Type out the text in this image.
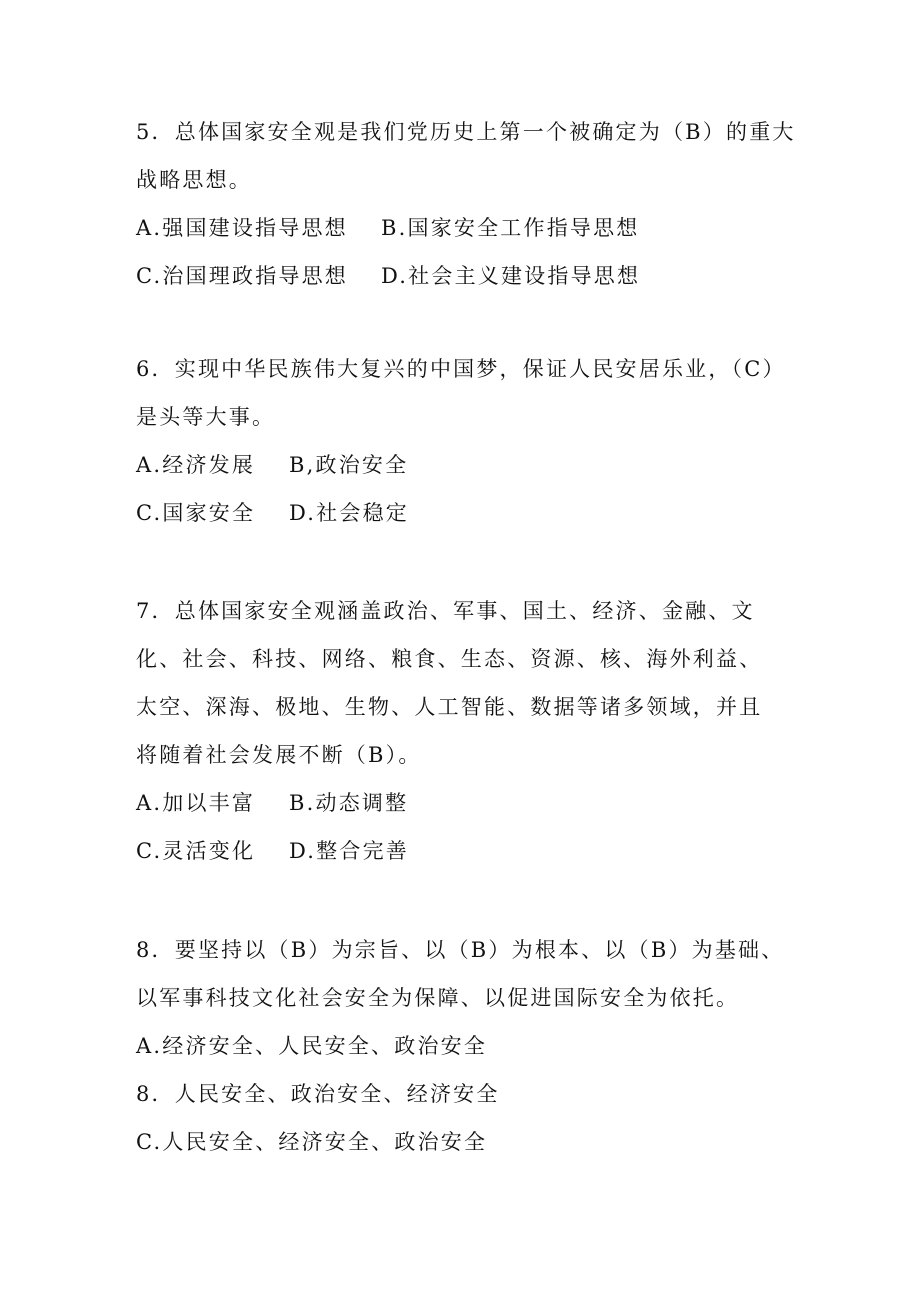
5．总体国家安全观是我们党历史上第一个被确定为（B）的重大
战略思想。
A.强国建设指导思想 B.国家安全工作指导思想
C.治国理政指导思想 D.社会主义建设指导思想
6．实现中华民族伟大复兴的中国梦，保证人民安居乐业，（C）
是头等大事。
A.经济发展 B,政治安全
C.国家安全 D.社会稳定
7．总体国家安全观涵盖政治、军事、国土、经济、金融、文
化、社会、科技、网络、粮食、生态、资源、核、海外利益、
太空、深海、极地、生物、人工智能、数据等诸多领域，并且
将随着社会发展不断（B）。
A.加以丰富 B.动态调整
C.灵活变化 D.整合完善
8．要坚持以（B）为宗旨、以（B）为根本、以（B）为基础、
以军事科技文化社会安全为保障、以促进国际安全为依托。
A.经济安全、人民安全、政治安全
8．人民安全、政治安全、经济安全
C.人民安全、经济安全、政治安全
